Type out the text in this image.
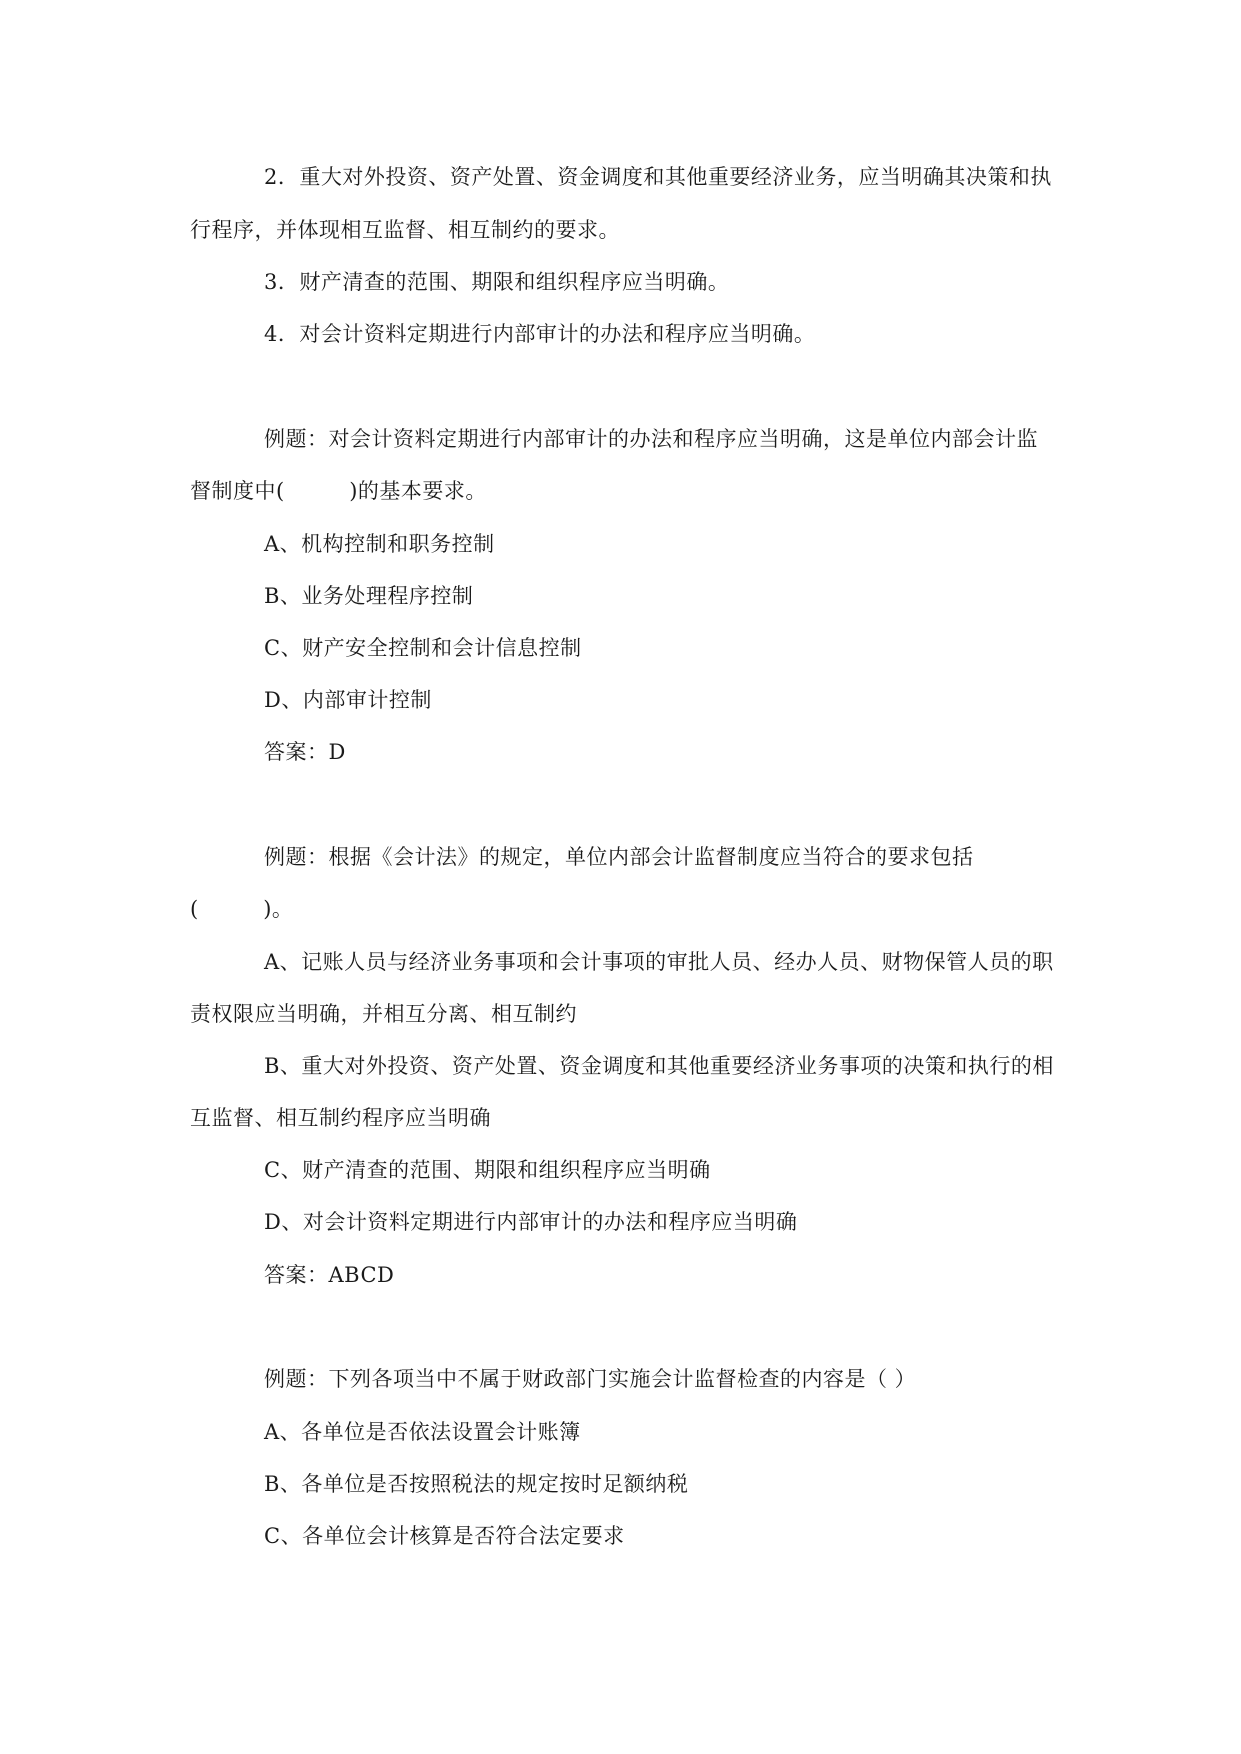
2．重大对外投资、资产处置、资金调度和其他重要经济业务，应当明确其决策和执
行程序，并体现相互监督、相互制约的要求。
3．财产清查的范围、期限和组织程序应当明确。
4．对会计资料定期进行内部审计的办法和程序应当明确。
例题：对会计资料定期进行内部审计的办法和程序应当明确，这是单位内部会计监
督制度中(　　　)的基本要求。
A、机构控制和职务控制
B、业务处理程序控制
C、财产安全控制和会计信息控制
D、内部审计控制
答案：D
例题：根据《会计法》的规定，单位内部会计监督制度应当符合的要求包括
(　　　)。
A、记账人员与经济业务事项和会计事项的审批人员、经办人员、财物保管人员的职
责权限应当明确，并相互分离、相互制约
B、重大对外投资、资产处置、资金调度和其他重要经济业务事项的决策和执行的相
互监督、相互制约程序应当明确
C、财产清查的范围、期限和组织程序应当明确
D、对会计资料定期进行内部审计的办法和程序应当明确
答案：ABCD
例题：下列各项当中不属于财政部门实施会计监督检查的内容是（ ）
A、各单位是否依法设置会计账簿
B、各单位是否按照税法的规定按时足额纳税
C、各单位会计核算是否符合法定要求
